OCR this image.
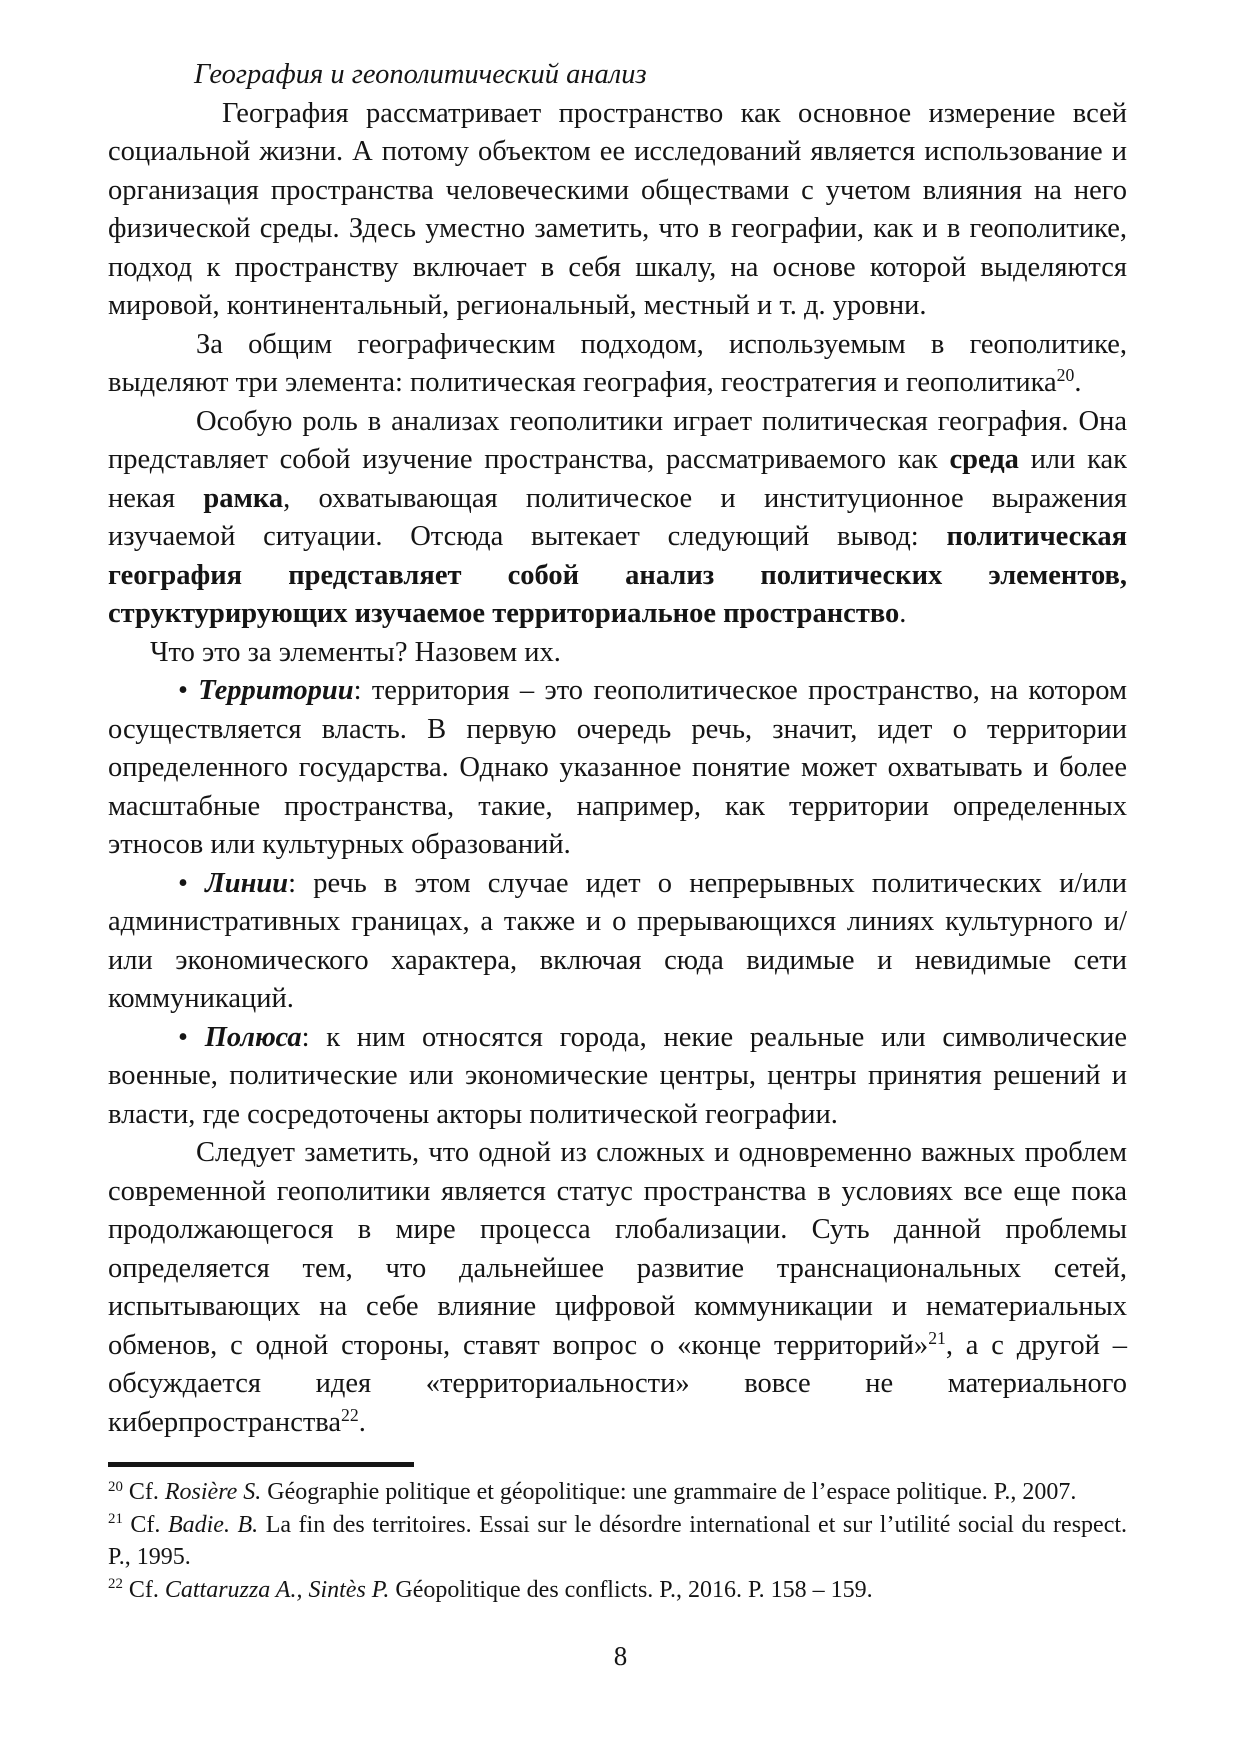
География и геополитический анализ

География рассматривает пространство как основное измерение всей социальной жизни. А потому объектом ее исследований является использование и организация пространства человеческими обществами с учетом влияния на него физической среды. Здесь уместно заметить, что в географии, как и в геополитике, подход к пространству включает в себя шкалу, на основе которой выделяются мировой, континентальный, региональный, местный и т. д. уровни.

За общим географическим подходом, используемым в геополитике, выделяют три элемента: политическая география, геостратегия и геополитика$^{20}$.

Особую роль в анализах геополитики играет политическая география. Она представляет собой изучение пространства, рассматриваемого как среда или как некая рамка, охватывающая политическое и институционное выражения изучаемой ситуации. Отсюда вытекает следующий вывод: политическая география представляет собой анализ политических элементов, структурирующих изучаемое территориальное пространство.

Что это за элементы? Назовем их.

• Территории: территория – это геополитическое пространство, на котором осуществляется власть. В первую очередь речь, значит, идет о территории определенного государства. Однако указанное понятие может охватывать и более масштабные пространства, такие, например, как территории определенных этносов или культурных образований.

• Линии: речь в этом случае идет о непрерывных политических и/или административных границах, а также и о прерывающихся линиях культурного и/или экономического характера, включая сюда видимые и невидимые сети коммуникаций.

• Полюса: к ним относятся города, некие реальные или символические военные, политические или экономические центры, центры принятия решений и власти, где сосредоточены акторы политической географии.

Следует заметить, что одной из сложных и одновременно важных проблем современной геополитики является статус пространства в условиях все еще пока продолжающегося в мире процесса глобализации. Суть данной проблемы определяется тем, что дальнейшее развитие транснациональных сетей, испытывающих на себе влияние цифровой коммуникации и нематериальных обменов, с одной стороны, ставят вопрос о «конце территорий»$^{21}$, а с другой – обсуждается идея «территориальности» вовсе не материального киберпространства$^{22}$.

$^{20}$ Cf. Rosière S. Géographie politique et géopolitique: une grammaire de l’espace politique. P., 2007.

$^{21}$ Cf. Badie. B. La fin des territoires. Essai sur le désordre international et sur l’utilité social du respect. P., 1995.

$^{22}$ Cf. Cattaruzza A., Sintès P. Géopolitique des conflicts. P., 2016. P. 158 – 159.

8
